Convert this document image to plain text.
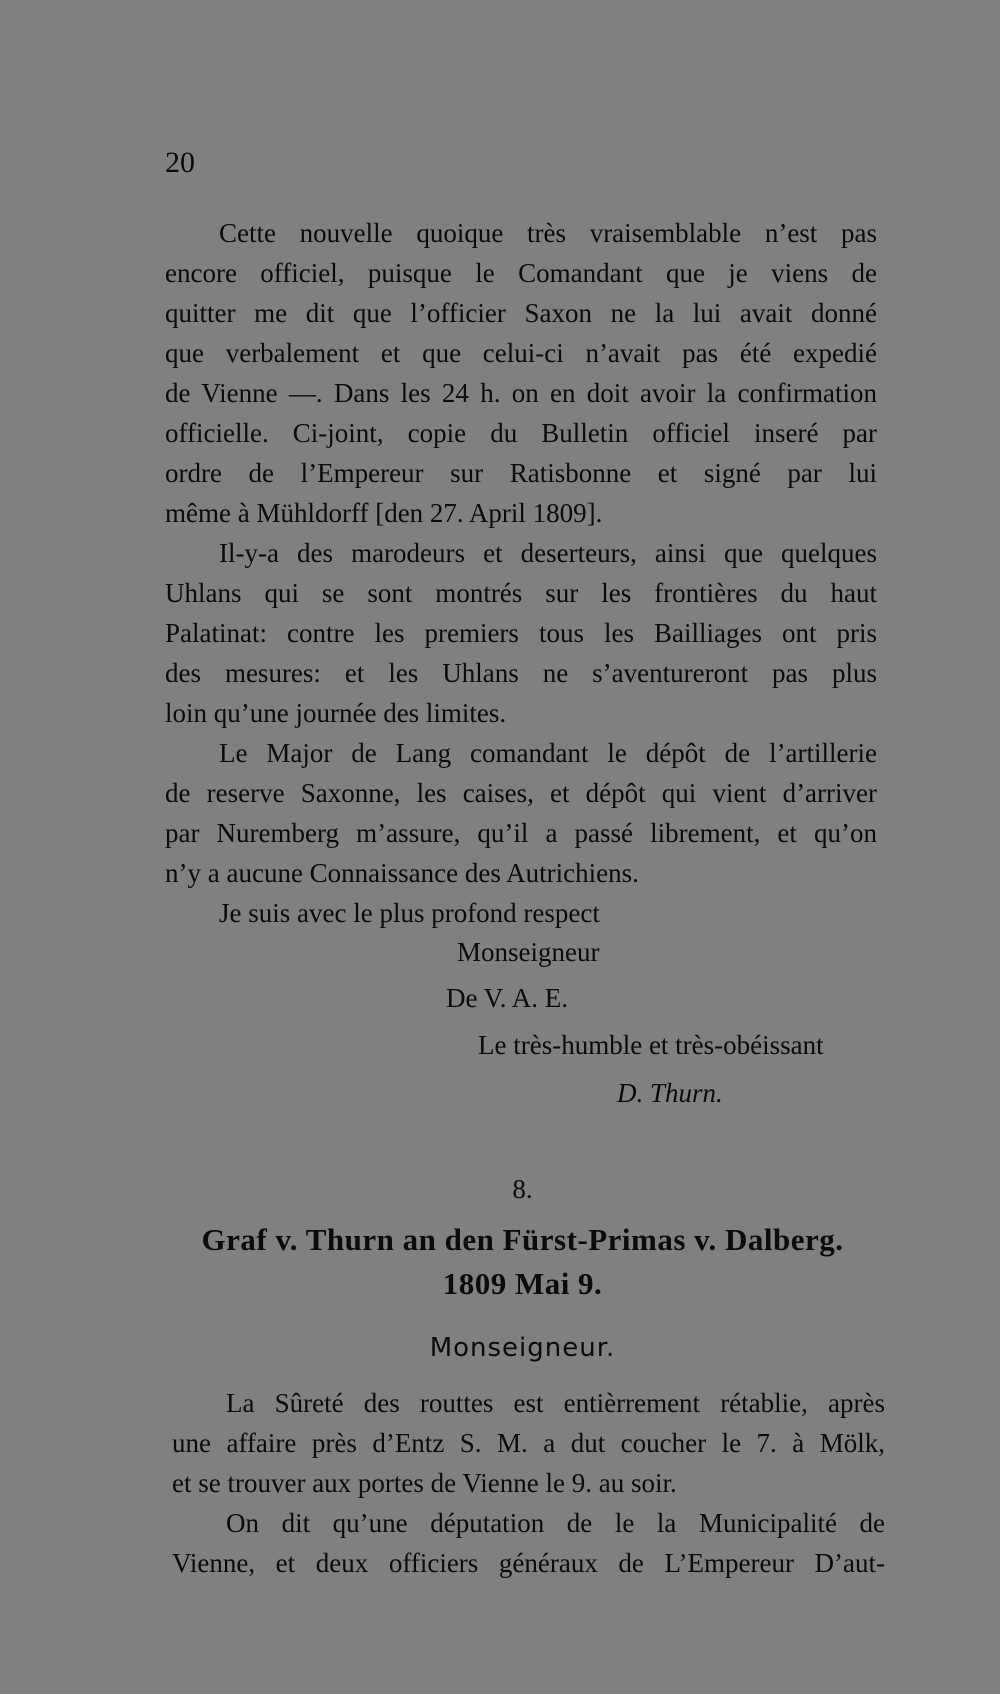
20
Cette nouvelle quoique très vraisemblable n’est pas
encore officiel, puisque le Comandant que je viens de
quitter me dit que l’officier Saxon ne la lui avait donné
que verbalement et que celui-ci n’avait pas été expedié
de Vienne —. Dans les 24 h. on en doit avoir la confirmation
officielle. Ci-joint, copie du Bulletin officiel inseré par
ordre de l’Empereur sur Ratisbonne et signé par lui
même à Mühldorff [den 27. April 1809].
Il-y-a des marodeurs et deserteurs, ainsi que quelques
Uhlans qui se sont montrés sur les frontières du haut
Palatinat: contre les premiers tous les Bailliages ont pris
des mesures: et les Uhlans ne s’aventureront pas plus
loin qu’une journée des limites.
Le Major de Lang comandant le dépôt de l’artillerie
de reserve Saxonne, les caises, et dépôt qui vient d’arriver
par Nuremberg m’assure, qu’il a passé librement, et qu’on
n’y a aucune Connaissance des Autrichiens.
Je suis avec le plus profond respect
Monseigneur
De V. A. E.
Le très-humble et très-obéissant
D. Thurn.
8.
Graf v. Thurn an den Fürst-Primas v. Dalberg.
1809 Mai 9.
Monseigneur.
La Sûreté des routtes est entièrrement rétablie, après
une affaire près d’Entz S. M. a dut coucher le 7. à Mölk,
et se trouver aux portes de Vienne le 9. au soir.
On dit qu’une députation de le la Municipalité de
Vienne, et deux officiers généraux de L’Empereur D’aut-
